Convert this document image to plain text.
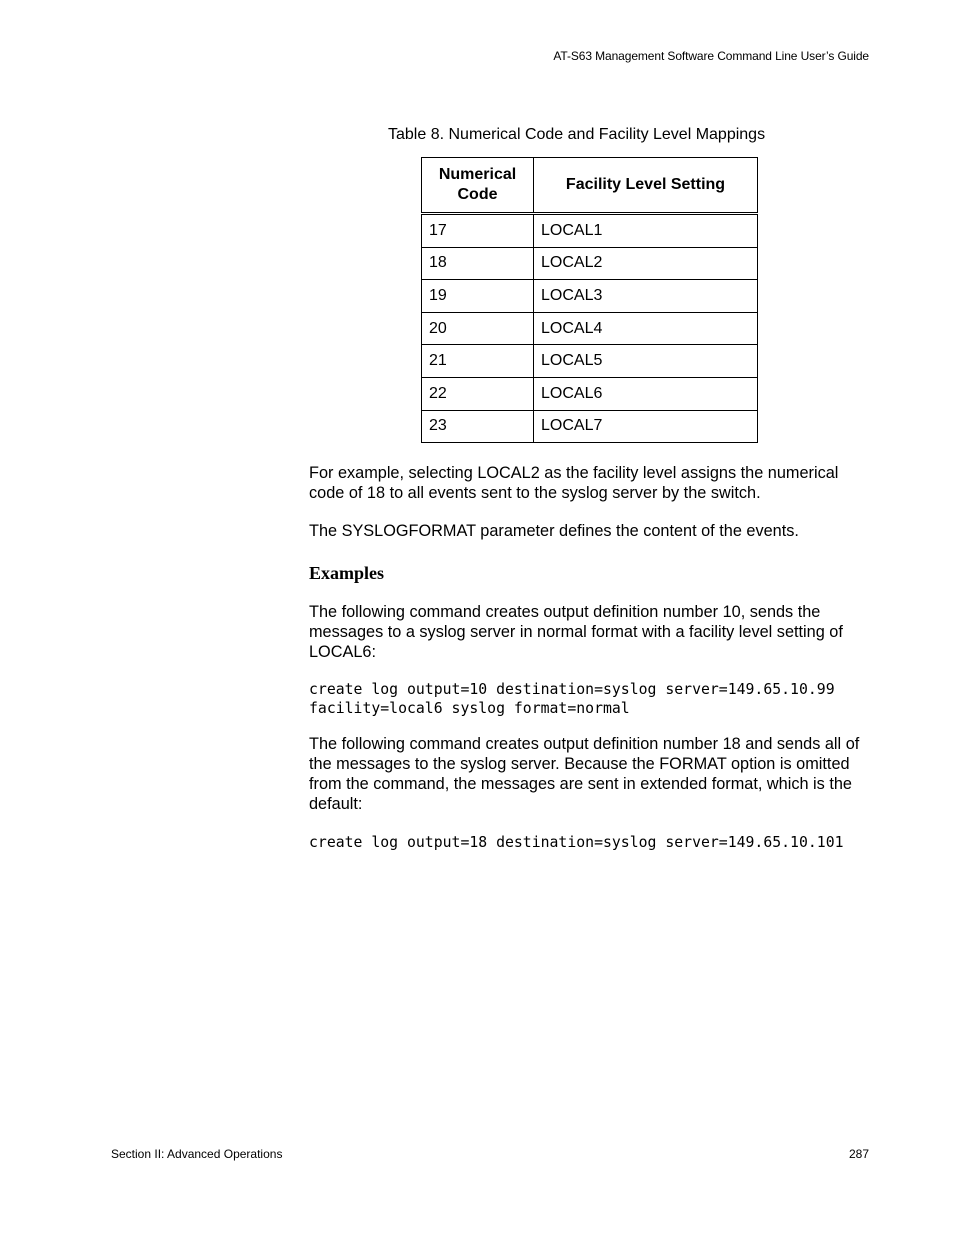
AT-S63 Management Software Command Line User’s Guide
Table 8. Numerical Code and Facility Level Mappings
Numerical Code	Facility Level Setting
17	LOCAL1
18	LOCAL2
19	LOCAL3
20	LOCAL4
21	LOCAL5
22	LOCAL6
23	LOCAL7

For example, selecting LOCAL2 as the facility level assigns the numerical code of 18 to all events sent to the syslog server by the switch.

The SYSLOGFORMAT parameter defines the content of the events.

Examples

The following command creates output definition number 10, sends the messages to a syslog server in normal format with a facility level setting of LOCAL6:

create log output=10 destination=syslog server=149.65.10.99
facility=local6 syslog format=normal

The following command creates output definition number 18 and sends all of the messages to the syslog server. Because the FORMAT option is omitted from the command, the messages are sent in extended format, which is the default:

create log output=18 destination=syslog server=149.65.10.101
Section II: Advanced Operations	287
